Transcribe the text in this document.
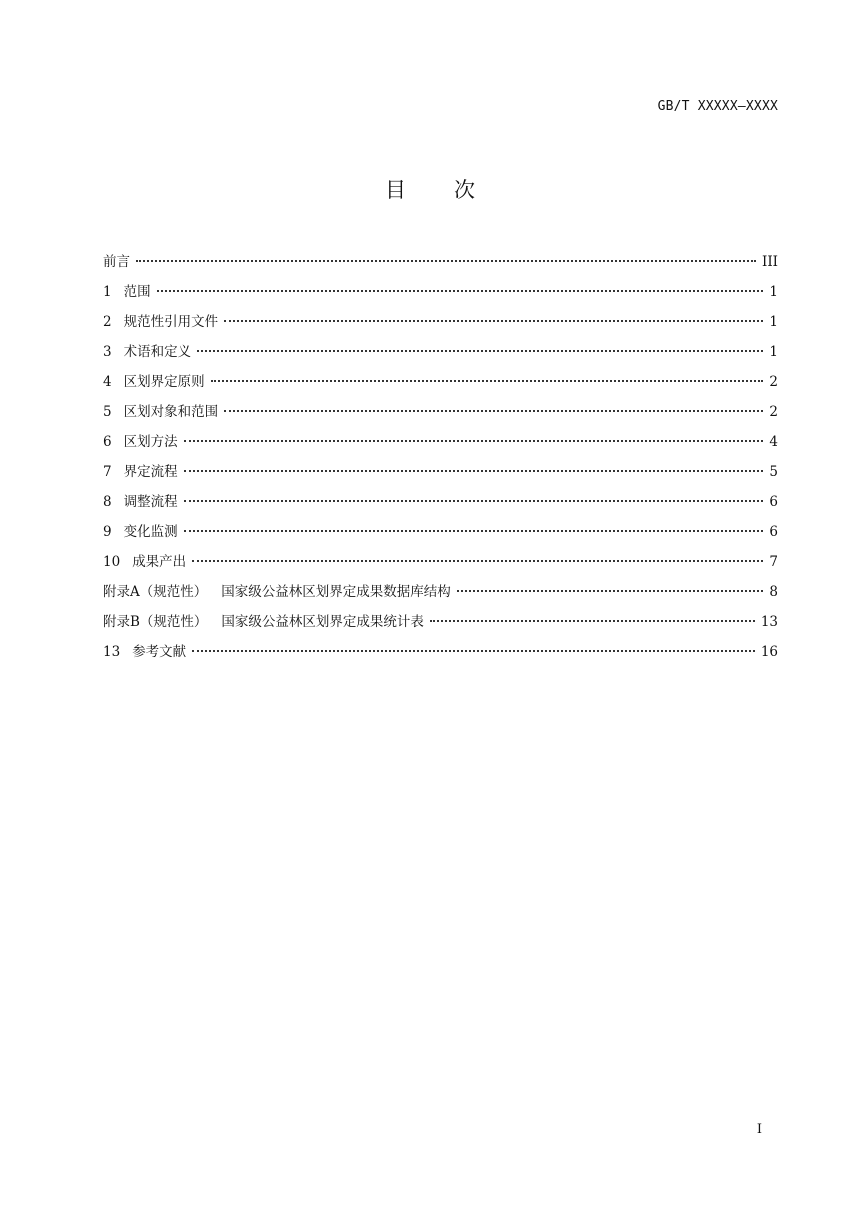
GB/T XXXXX—XXXX
目 次
前言	III
1 范围	1
2 规范性引用文件	1
3 术语和定义	1
4 区划界定原则	2
5 区划对象和范围	2
6 区划方法	4
7 界定流程	5
8 调整流程	6
9 变化监测	6
10 成果产出	7
附录A（规范性） 国家级公益林区划界定成果数据库结构	8
附录B（规范性） 国家级公益林区划界定成果统计表	13
13 参考文献	16
I
